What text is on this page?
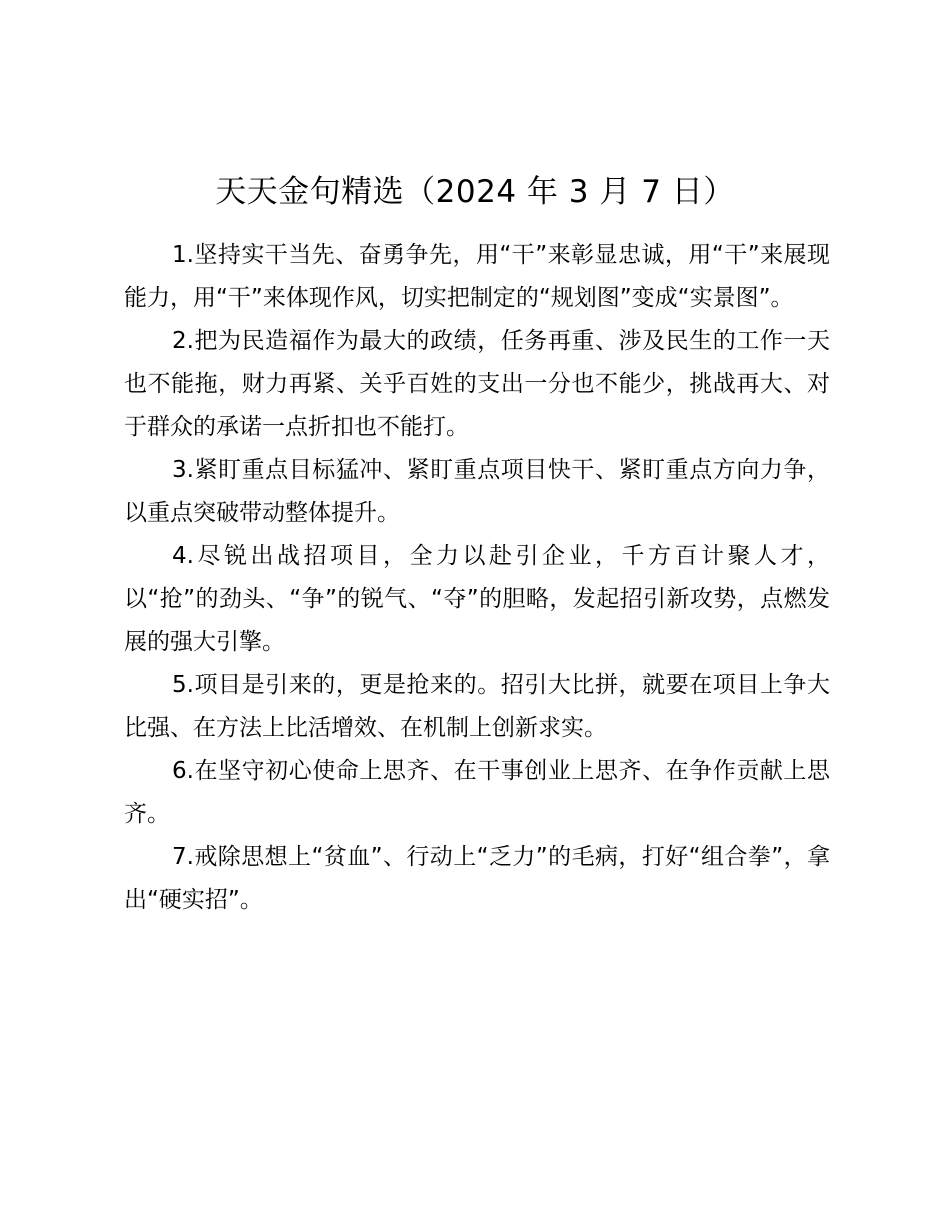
天天金句精选（2024 年 3 月 7 日）

1.坚持实干当先、奋勇争先，用“干”来彰显忠诚，用“干”来展现能力，用“干”来体现作风，切实把制定的“规划图”变成“实景图”。

2.把为民造福作为最大的政绩，任务再重、涉及民生的工作一天也不能拖，财力再紧、关乎百姓的支出一分也不能少，挑战再大、对于群众的承诺一点折扣也不能打。

3.紧盯重点目标猛冲、紧盯重点项目快干、紧盯重点方向力争，以重点突破带动整体提升。

4.尽锐出战招项目，全力以赴引企业，千方百计聚人才，以“抢”的劲头、“争”的锐气、“夺”的胆略，发起招引新攻势，点燃发展的强大引擎。

5.项目是引来的，更是抢来的。招引大比拼，就要在项目上争大比强、在方法上比活增效、在机制上创新求实。

6.在坚守初心使命上思齐、在干事创业上思齐、在争作贡献上思齐。

7.戒除思想上“贫血”、行动上“乏力”的毛病，打好“组合拳”，拿出“硬实招”。
